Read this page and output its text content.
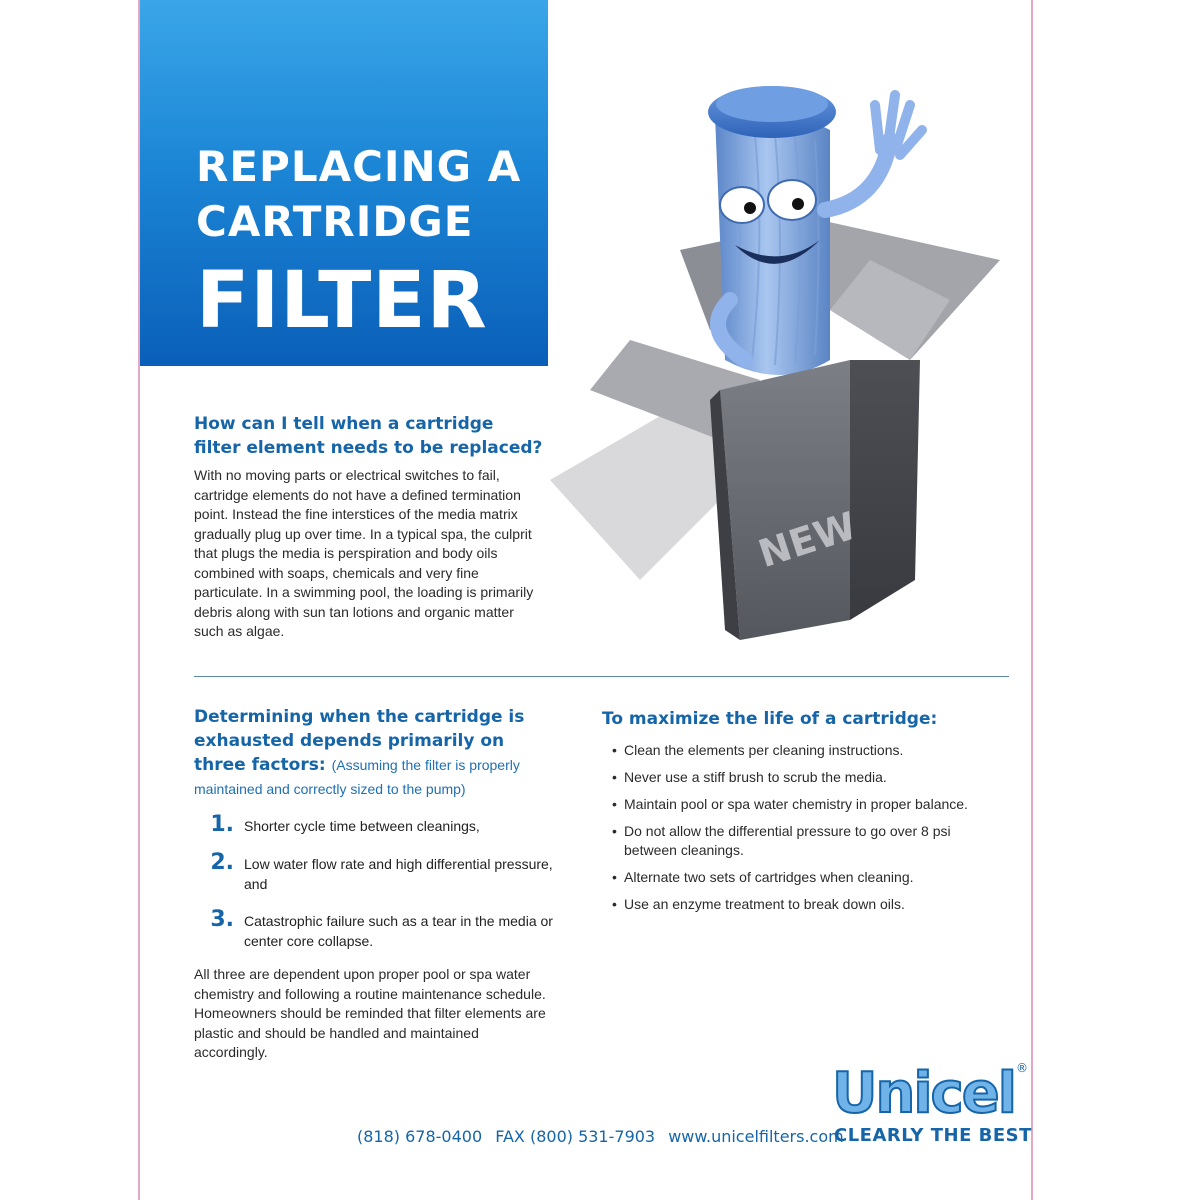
REPLACING A
CARTRIDGE
FILTER
NEW
How can I tell when a cartridge filter element needs to be replaced?

With no moving parts or electrical switches to fail, cartridge elements do not have a defined termination point. Instead the fine interstices of the media matrix gradually plug up over time. In a typical spa, the culprit that plugs the media is perspiration and body oils combined with soaps, chemicals and very fine particulate. In a swimming pool, the loading is primarily debris along with sun tan lotions and organic matter such as algae.

Determining when the cartridge is exhausted depends primarily on three factors: (Assuming the filter is properly maintained and correctly sized to the pump)
1. Shorter cycle time between cleanings,
2. Low water flow rate and high differential pressure, and
3. Catastrophic failure such as a tear in the media or center core collapse.

All three are dependent upon proper pool or spa water chemistry and following a routine maintenance schedule. Homeowners should be reminded that filter elements are plastic and should be handled and maintained accordingly.

To maximize the life of a cartridge:
• Clean the elements per cleaning instructions.
• Never use a stiff brush to scrub the media.
• Maintain pool or spa water chemistry in proper balance.
• Do not allow the differential pressure to go over 8 psi between cleanings.
• Alternate two sets of cartridges when cleaning.
• Use an enzyme treatment to break down oils.
Unicel ®
(818) 678-0400 FAX (800) 531-7903 www.unicelfilters.com
CLEARLY THE BEST
